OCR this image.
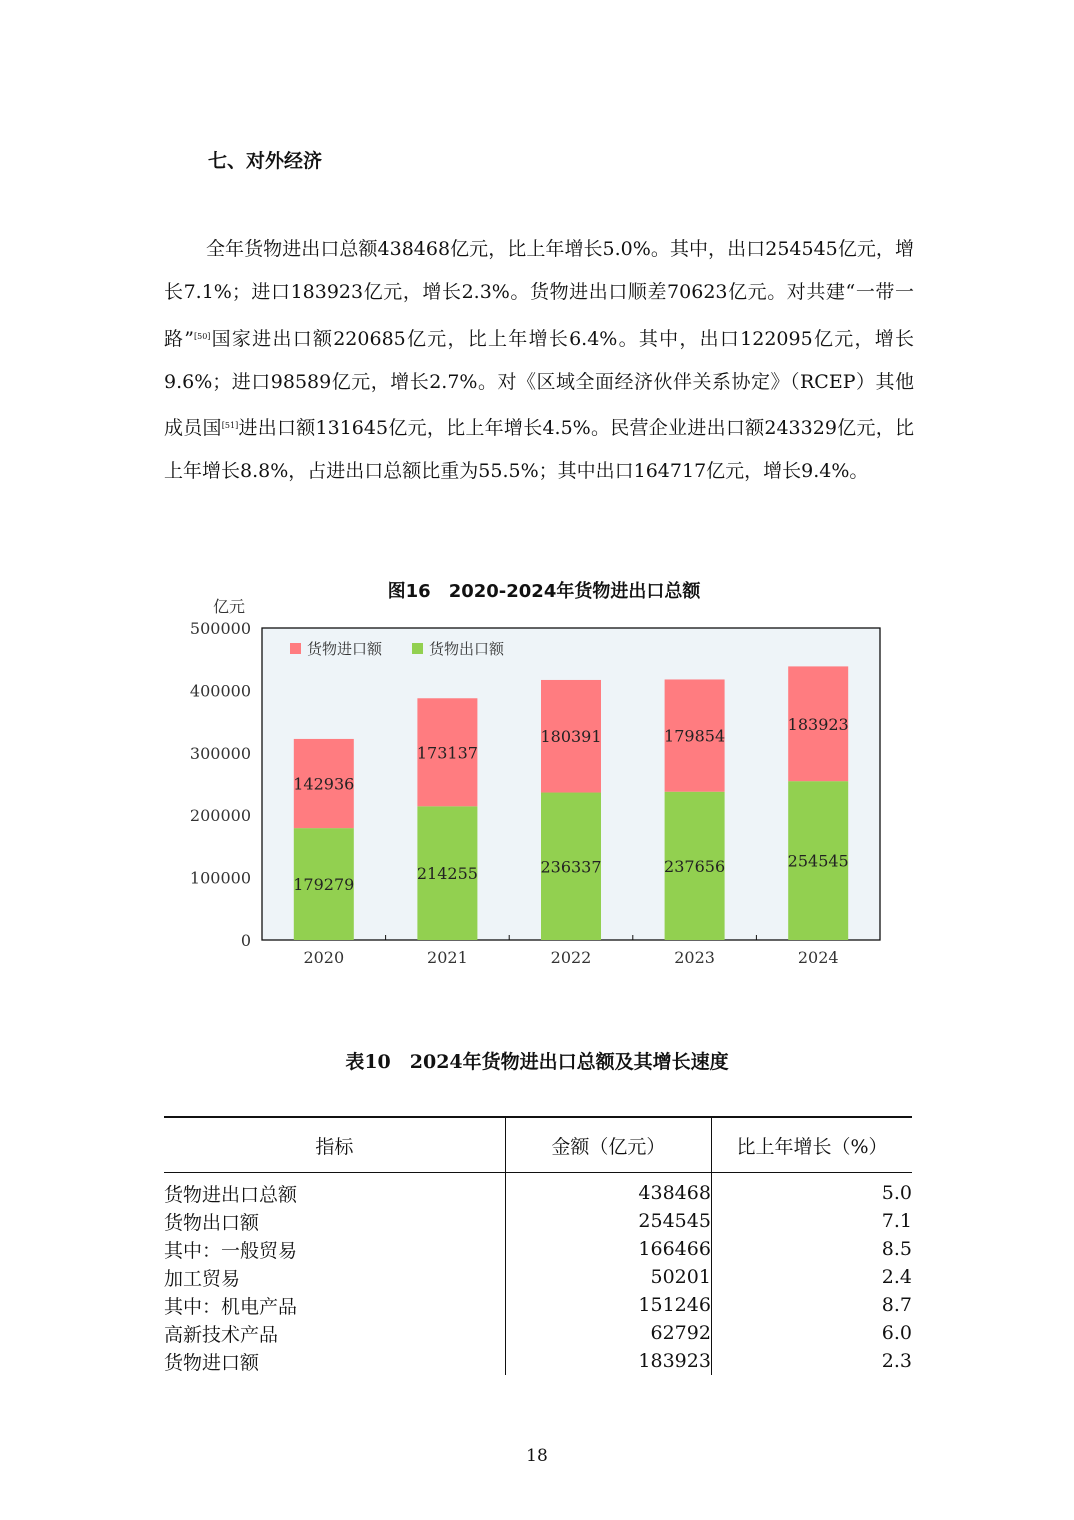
七、对外经济

全年货物进出口总额438468亿元，比上年增长5.0%。其中，出口254545亿元，增长7.1%；进口183923亿元，增长2.3%。货物进出口顺差70623亿元。对共建“一带一路”[50]国家进出口额220685亿元，比上年增长6.4%。其中，出口122095亿元，增长9.6%；进口98589亿元，增长2.7%。对《区域全面经济伙伴关系协定》（RCEP）其他成员国[51]进出口额131645亿元，比上年增长4.5%。民营企业进出口额243329亿元，比上年增长8.8%，占进出口总额比重为55.5%；其中出口164717亿元，增长9.4%。

图16　2020-2024年货物进出口总额
亿元
179279
142936
214255
173137
236337
180391
237656
179854
254545
183923
500000
400000
300000
200000
100000
0
2020	2021	2022	2023	2024
货物进口额	货物出口额
表10　2024年货物进出口总额及其增长速度
指标	金额（亿元）	比上年增长（%）
货物进出口总额	438468	5.0
货物出口额	254545	7.1
其中：一般贸易	166466	8.5
加工贸易	50201	2.4
其中：机电产品	151246	8.7
高新技术产品	62792	6.0
货物进口额	183923	2.3
18
